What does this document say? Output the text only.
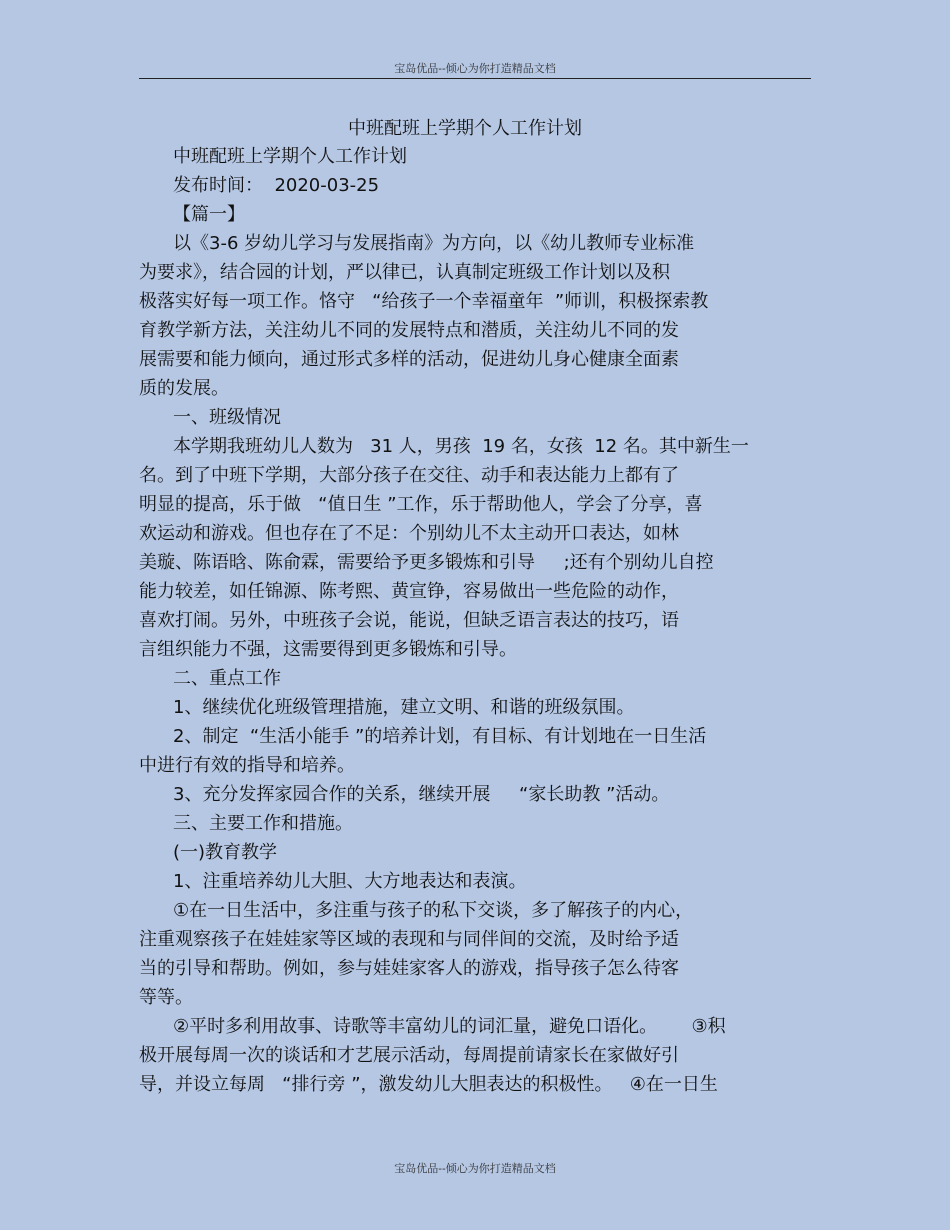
宝岛优品--倾心为你打造精品文档
中班配班上学期个人工作计划
中班配班上学期个人工作计划
发布时间：  2020-03-25
【篇一】
以《3-6 岁幼儿学习与发展指南》为方向，以《幼儿教师专业标准
为要求》，结合园的计划，严以律已，认真制定班级工作计划以及积
极落实好每一项工作。恪守   “给孩子一个幸福童年  ”师训，积极探索教
育教学新方法，关注幼儿不同的发展特点和潜质，关注幼儿不同的发
展需要和能力倾向，通过形式多样的活动，促进幼儿身心健康全面素
质的发展。
一、班级情况
本学期我班幼儿人数为   31 人，男孩  19 名，女孩  12 名。其中新生一
名。到了中班下学期，大部分孩子在交往、动手和表达能力上都有了
明显的提高，乐于做   “值日生 ”工作，乐于帮助他人，学会了分享，喜
欢运动和游戏。但也存在了不足：个别幼儿不太主动开口表达，如林
美璇、陈语晗、陈俞霖，需要给予更多锻炼和引导     ;还有个别幼儿自控
能力较差，如任锦源、陈考熙、黄宣铮，容易做出一些危险的动作，
喜欢打闹。另外，中班孩子会说，能说，但缺乏语言表达的技巧，语
言组织能力不强，这需要得到更多锻炼和引导。
二、重点工作
1、继续优化班级管理措施，建立文明、和谐的班级氛围。
2、制定  “生活小能手 ”的培养计划，有目标、有计划地在一日生活
中进行有效的指导和培养。
3、充分发挥家园合作的关系，继续开展     “家长助教 ”活动。
三、主要工作和措施。
(一)教育教学
1、注重培养幼儿大胆、大方地表达和表演。
①在一日生活中，多注重与孩子的私下交谈，多了解孩子的内心，
注重观察孩子在娃娃家等区域的表现和与同伴间的交流，及时给予适
当的引导和帮助。例如，参与娃娃家客人的游戏，指导孩子怎么待客
等等。
②平时多利用故事、诗歌等丰富幼儿的词汇量，避免口语化。      ③积
极开展每周一次的谈话和才艺展示活动，每周提前请家长在家做好引
导，并设立每周   “排行旁 ”，激发幼儿大胆表达的积极性。   ④在一日生
宝岛优品--倾心为你打造精品文档
